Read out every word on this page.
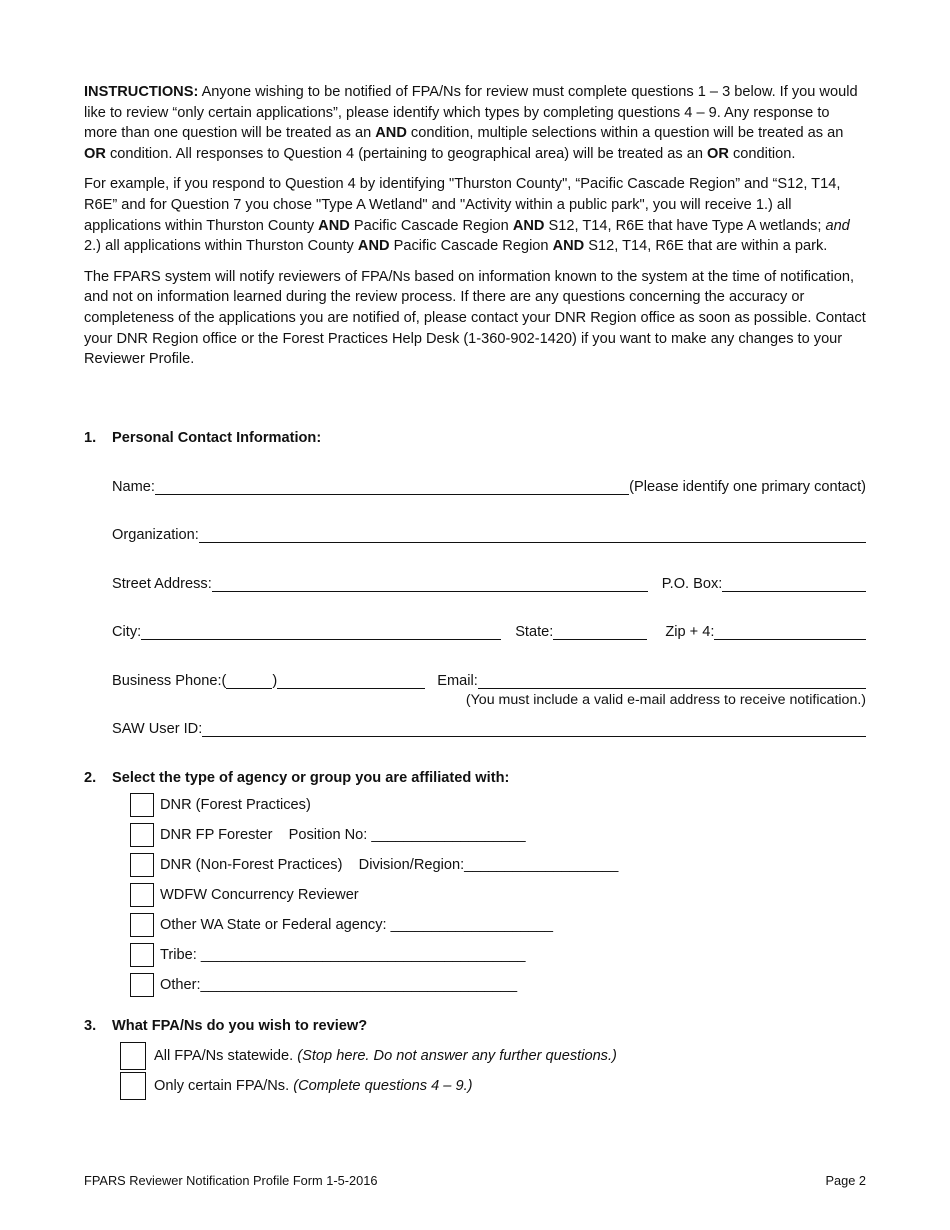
INSTRUCTIONS: Anyone wishing to be notified of FPA/Ns for review must complete questions 1 – 3 below. If you would like to review “only certain applications”, please identify which types by completing questions 4 – 9. Any response to more than one question will be treated as an AND condition, multiple selections within a question will be treated as an OR condition. All responses to Question 4 (pertaining to geographical area) will be treated as an OR condition.

For example, if you respond to Question 4 by identifying "Thurston County", “Pacific Cascade Region” and “S12, T14, R6E” and for Question 7 you chose "Type A Wetland" and "Activity within a public park", you will receive 1.) all applications within Thurston County AND Pacific Cascade Region AND S12, T14, R6E that have Type A wetlands; and 2.) all applications within Thurston County AND Pacific Cascade Region AND S12, T14, R6E that are within a park.

The FPARS system will notify reviewers of FPA/Ns based on information known to the system at the time of notification, and not on information learned during the review process. If there are any questions concerning the accuracy or completeness of the applications you are notified of, please contact your DNR Region office as soon as possible. Contact your DNR Region office or the Forest Practices Help Desk (1-360-902-1420) if you want to make any changes to your Reviewer Profile.

1.	Personal Contact Information:
Name:	(Please identify one primary contact)
Organization:
Street Address:	P.O. Box:
City:	State:	Zip + 4:
Business Phone:(	)	Email:
(You must include a valid e-mail address to receive notification.)
SAW User ID:
2.	Select the type of agency or group you are affiliated with:
DNR (Forest Practices)
DNR FP Forester    Position No: ___________________
DNR (Non-Forest Practices)    Division/Region:___________________
WDFW Concurrency Reviewer
Other WA State or Federal agency: ____________________
Tribe: ________________________________________
Other:_______________________________________
3.	What FPA/Ns do you wish to review?
All FPA/Ns statewide. (Stop here. Do not answer any further questions.)
Only certain FPA/Ns. (Complete questions 4 – 9.)
FPARS Reviewer Notification Profile Form 1-5-2016	Page 2
